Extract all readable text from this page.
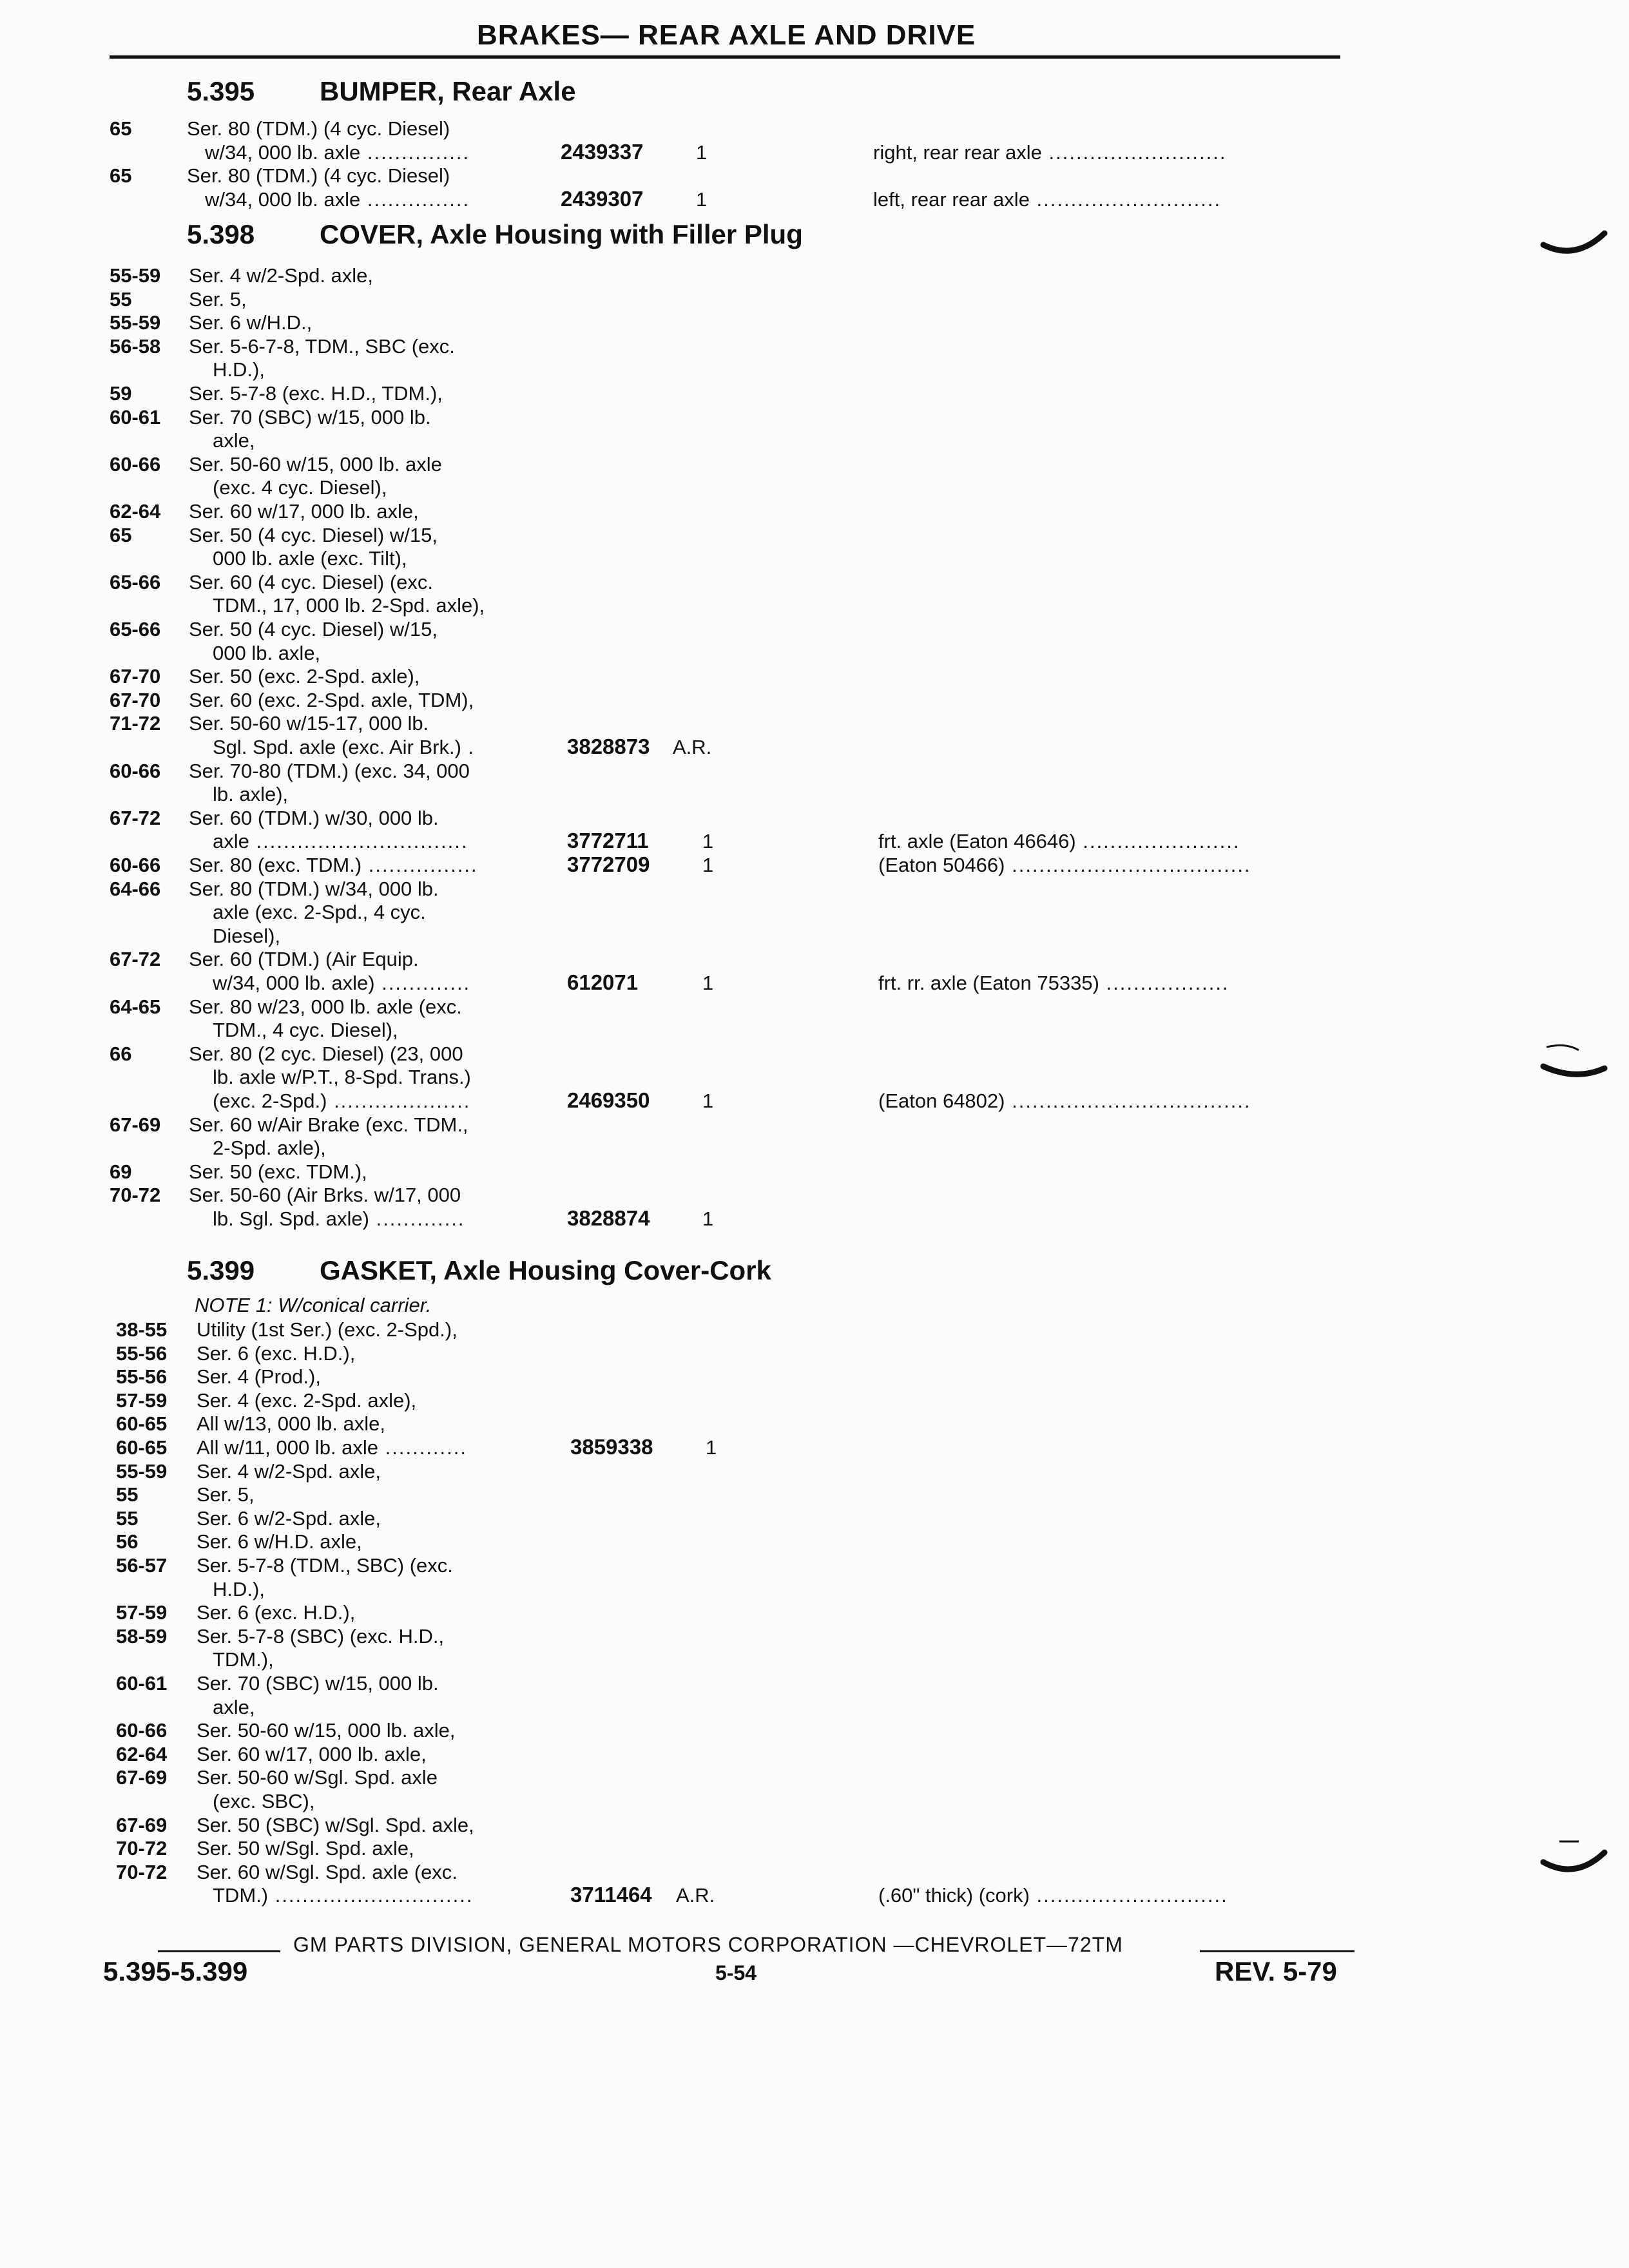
BRAKES— REAR AXLE AND DRIVE
5.395 BUMPER, Rear Axle
65	Ser. 80 (TDM.) (4 cyc. Diesel)
w/34, 000 lb. axle ...............	2439337	1	right, rear rear axle ..........................
65	Ser. 80 (TDM.) (4 cyc. Diesel)
w/34, 000 lb. axle ...............	2439307	1	left, rear rear axle ...........................
5.398 COVER, Axle Housing with Filler Plug
55-59 Ser. 4 w/2-Spd. axle,
55	Ser. 5,
55-59 Ser. 6 w/H.D.,
56-58 Ser. 5-6-7-8, TDM., SBC (exc.
H.D.),
59	Ser. 5-7-8 (exc. H.D., TDM.),
60-61 Ser. 70 (SBC) w/15, 000 lb.
axle,
60-66 Ser. 50-60 w/15, 000 lb. axle
(exc. 4 cyc. Diesel),
62-64 Ser. 60 w/17, 000 lb. axle,
65	Ser. 50 (4 cyc. Diesel) w/15,
000 lb. axle (exc. Tilt),
65-66 Ser. 60 (4 cyc. Diesel) (exc.
TDM., 17, 000 lb. 2-Spd. axle),
65-66 Ser. 50 (4 cyc. Diesel) w/15,
000 lb. axle,
67-70 Ser. 50 (exc. 2-Spd. axle),
67-70 Ser. 60 (exc. 2-Spd. axle, TDM),
71-72 Ser. 50-60 w/15-17, 000 lb.
Sgl. Spd. axle (exc. Air Brk.) .	3828873 A.R.
60-66 Ser. 70-80 (TDM.) (exc. 34, 000
lb. axle),
67-72 Ser. 60 (TDM.) w/30, 000 lb.
axle ...............................	3772711	1	frt. axle (Eaton 46646) .......................
60-66 Ser. 80 (exc. TDM.) ................	3772709	1	(Eaton 50466) ...................................
64-66 Ser. 80 (TDM.) w/34, 000 lb.
axle (exc. 2-Spd., 4 cyc.
Diesel),
67-72 Ser. 60 (TDM.) (Air Equip.
w/34, 000 lb. axle) .............	612071	1	frt. rr. axle (Eaton 75335) ..................
64-65 Ser. 80 w/23, 000 lb. axle (exc.
TDM., 4 cyc. Diesel),
66	Ser. 80 (2 cyc. Diesel) (23, 000
lb. axle w/P.T., 8-Spd. Trans.)
(exc. 2-Spd.) ....................	2469350	1	(Eaton 64802) ...................................
67-69 Ser. 60 w/Air Brake (exc. TDM.,
2-Spd. axle),
69	Ser. 50 (exc. TDM.),
70-72 Ser. 50-60 (Air Brks. w/17, 000
lb. Sgl. Spd. axle) .............	3828874	1
5.399 GASKET, Axle Housing Cover-Cork
NOTE 1: W/conical carrier.
38-55 Utility (1st Ser.) (exc. 2-Spd.),
55-56 Ser. 6 (exc. H.D.),
55-56 Ser. 4 (Prod.),
57-59 Ser. 4 (exc. 2-Spd. axle),
60-65 All w/13, 000 lb. axle,
60-65 All w/11, 000 lb. axle ............	3859338	1
55-59 Ser. 4 w/2-Spd. axle,
55	Ser. 5,
55	Ser. 6 w/2-Spd. axle,
56	Ser. 6 w/H.D. axle,
56-57 Ser. 5-7-8 (TDM., SBC) (exc.
H.D.),
57-59 Ser. 6 (exc. H.D.),
58-59 Ser. 5-7-8 (SBC) (exc. H.D.,
TDM.),
60-61 Ser. 70 (SBC) w/15, 000 lb.
axle,
60-66 Ser. 50-60 w/15, 000 lb. axle,
62-64 Ser. 60 w/17, 000 lb. axle,
67-69 Ser. 50-60 w/Sgl. Spd. axle
(exc. SBC),
67-69 Ser. 50 (SBC) w/Sgl. Spd. axle,
70-72 Ser. 50 w/Sgl. Spd. axle,
70-72 Ser. 60 w/Sgl. Spd. axle (exc.
TDM.) .............................	3711464 A.R.	(.60" thick) (cork) ............................
GM PARTS DIVISION, GENERAL MOTORS CORPORATION —CHEVROLET—72TM
5.395-5.399	5-54	REV. 5-79
